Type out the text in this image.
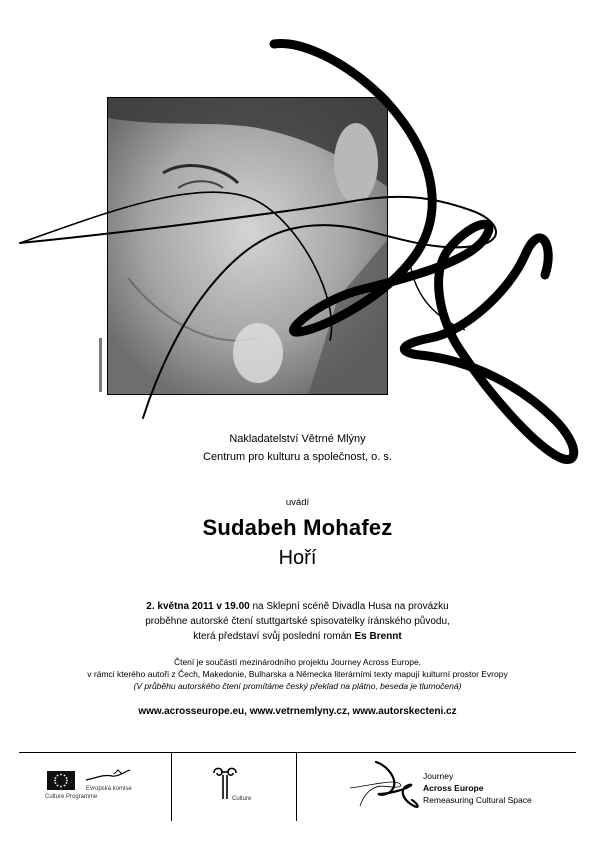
Nakladatelství Větrné Mlýny
Centrum pro kulturu a společnost, o. s.
uvádí
Sudabeh Mohafez
Hoří
2. května 2011 v 19.00 na Sklepní scéně Divadla Husa na provázku
proběhne autorské čtení stuttgartské spisovatelky íránského původu,
která představí svůj poslední román Es Brennt
Čtení je součástí mezinárodního projektu Journey Across Europe,
v rámci kterého autoři z Čech, Makedonie, Bulharska a Německa literárními texty mapují kulturní prostor Evropy
(V průběhu autorského čtení promítáme český překlad na plátno, beseda je tlumočená)
www.acrosseurope.eu, www.vetrnemlyny.cz, www.autorskecteni.cz
Culture Programme
Evropská komise
Culture
Journey
Across Europe
Remeasuring Cultural Space
